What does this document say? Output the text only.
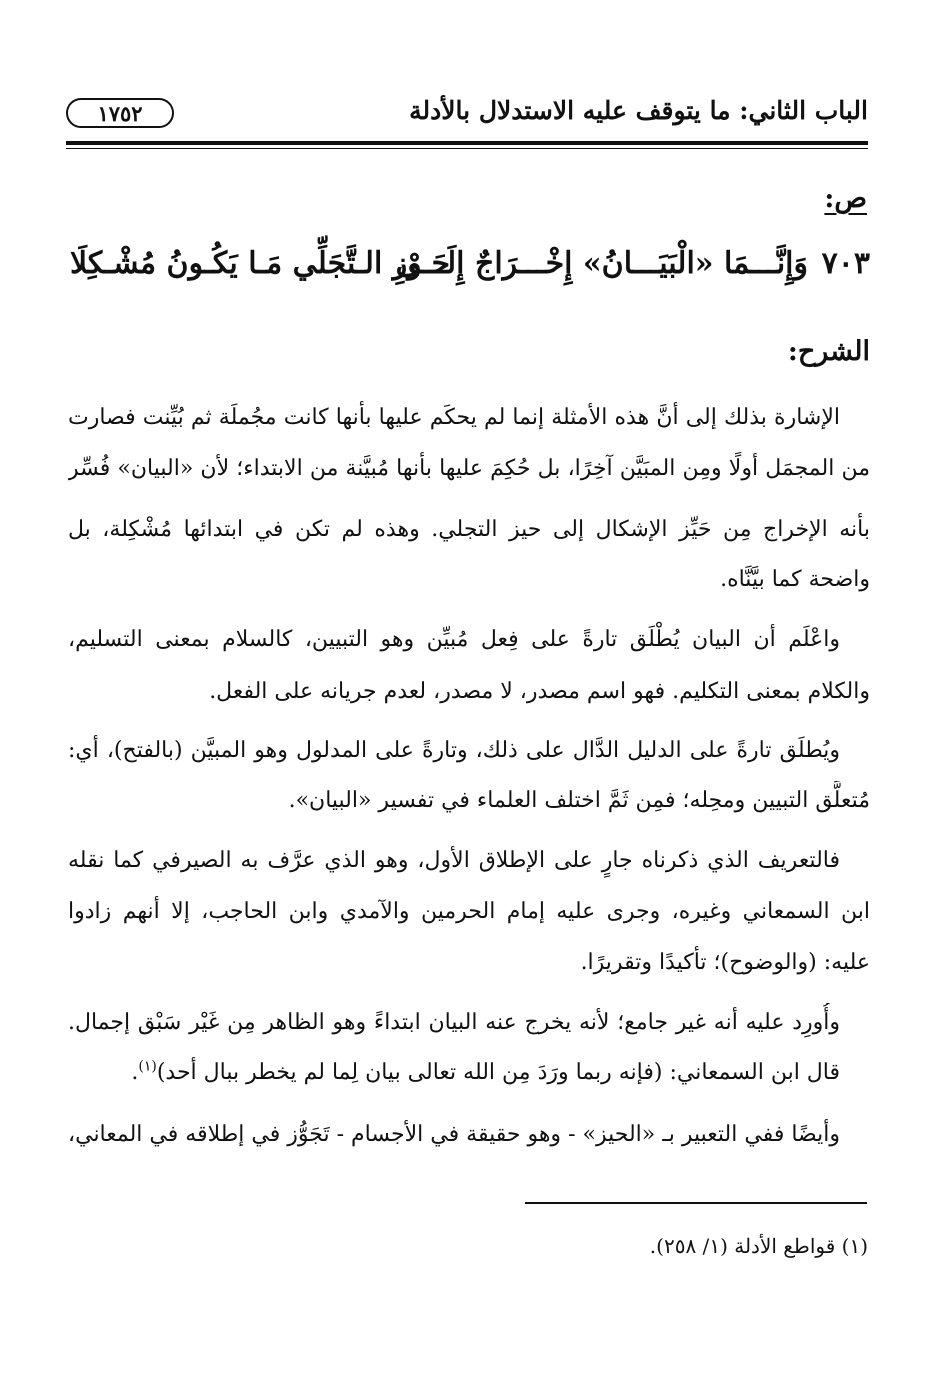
الباب الثاني: ما يتوقف عليه الاستدلال بالأدلة
١٧٥٢
ص:
٧٠٣
وَإِنَّـــمَا «الْبَيَـــانُ» إِخْـــرَاجٌ إِلَـــى
حَـوْزِ الـتَّجَلِّي مَـا يَكُـونُ مُشْـكِلَا
الشرح:
الإشارة بذلك إلى أنَّ هذه الأمثلة إنما لم يحكَم عليها بأنها كانت مجُملَة ثم بُيِّنت فصارت
من المجمَل أولًا ومِن المبَيَّن آخِرًا، بل حُكِمَ عليها بأنها مُبيَّنة من الابتداء؛ لأن «البيان» فُسِّر
بأنه الإخراج مِن حَيِّز الإشكال إلى حيز التجلي. وهذه لم تكن في ابتدائها مُشْكِلة، بل
واضحة كما بيَّنَّاه.
واعْلَم أن البيان يُطْلَق تارةً على فِعل مُبيِّن وهو التبيين، كالسلام بمعنى التسليم،
والكلام بمعنى التكليم. فهو اسم مصدر، لا مصدر، لعدم جريانه على الفعل.
ويُطلَق تارةً على الدليل الدَّال على ذلك، وتارةً على المدلول وهو المبيَّن (بالفتح)، أي:
مُتعلَّق التبيين ومحِله؛ فمِن ثَمَّ اختلف العلماء في تفسير «البيان».
فالتعريف الذي ذكرناه جارٍ على الإطلاق الأول، وهو الذي عرَّف به الصيرفي كما نقله
ابن السمعاني وغيره، وجرى عليه إمام الحرمين والآمدي وابن الحاجب، إلا أنهم زادوا
عليه: (والوضوح)؛ تأكيدًا وتقريرًا.
وأُورِد عليه أنه غير جامع؛ لأنه يخرج عنه البيان ابتداءً وهو الظاهر مِن غَيْر سَبْق إجمال.
قال ابن السمعاني: (فإنه ربما ورَدَ مِن الله تعالى بيان لِما لم يخطر ببال أحد)$^{(١)}$.
وأيضًا ففي التعبير بـ «الحيز» - وهو حقيقة في الأجسام - تَجَوُّز في إطلاقه في المعاني،
(١) قواطع الأدلة (١/ ٢٥٨).
